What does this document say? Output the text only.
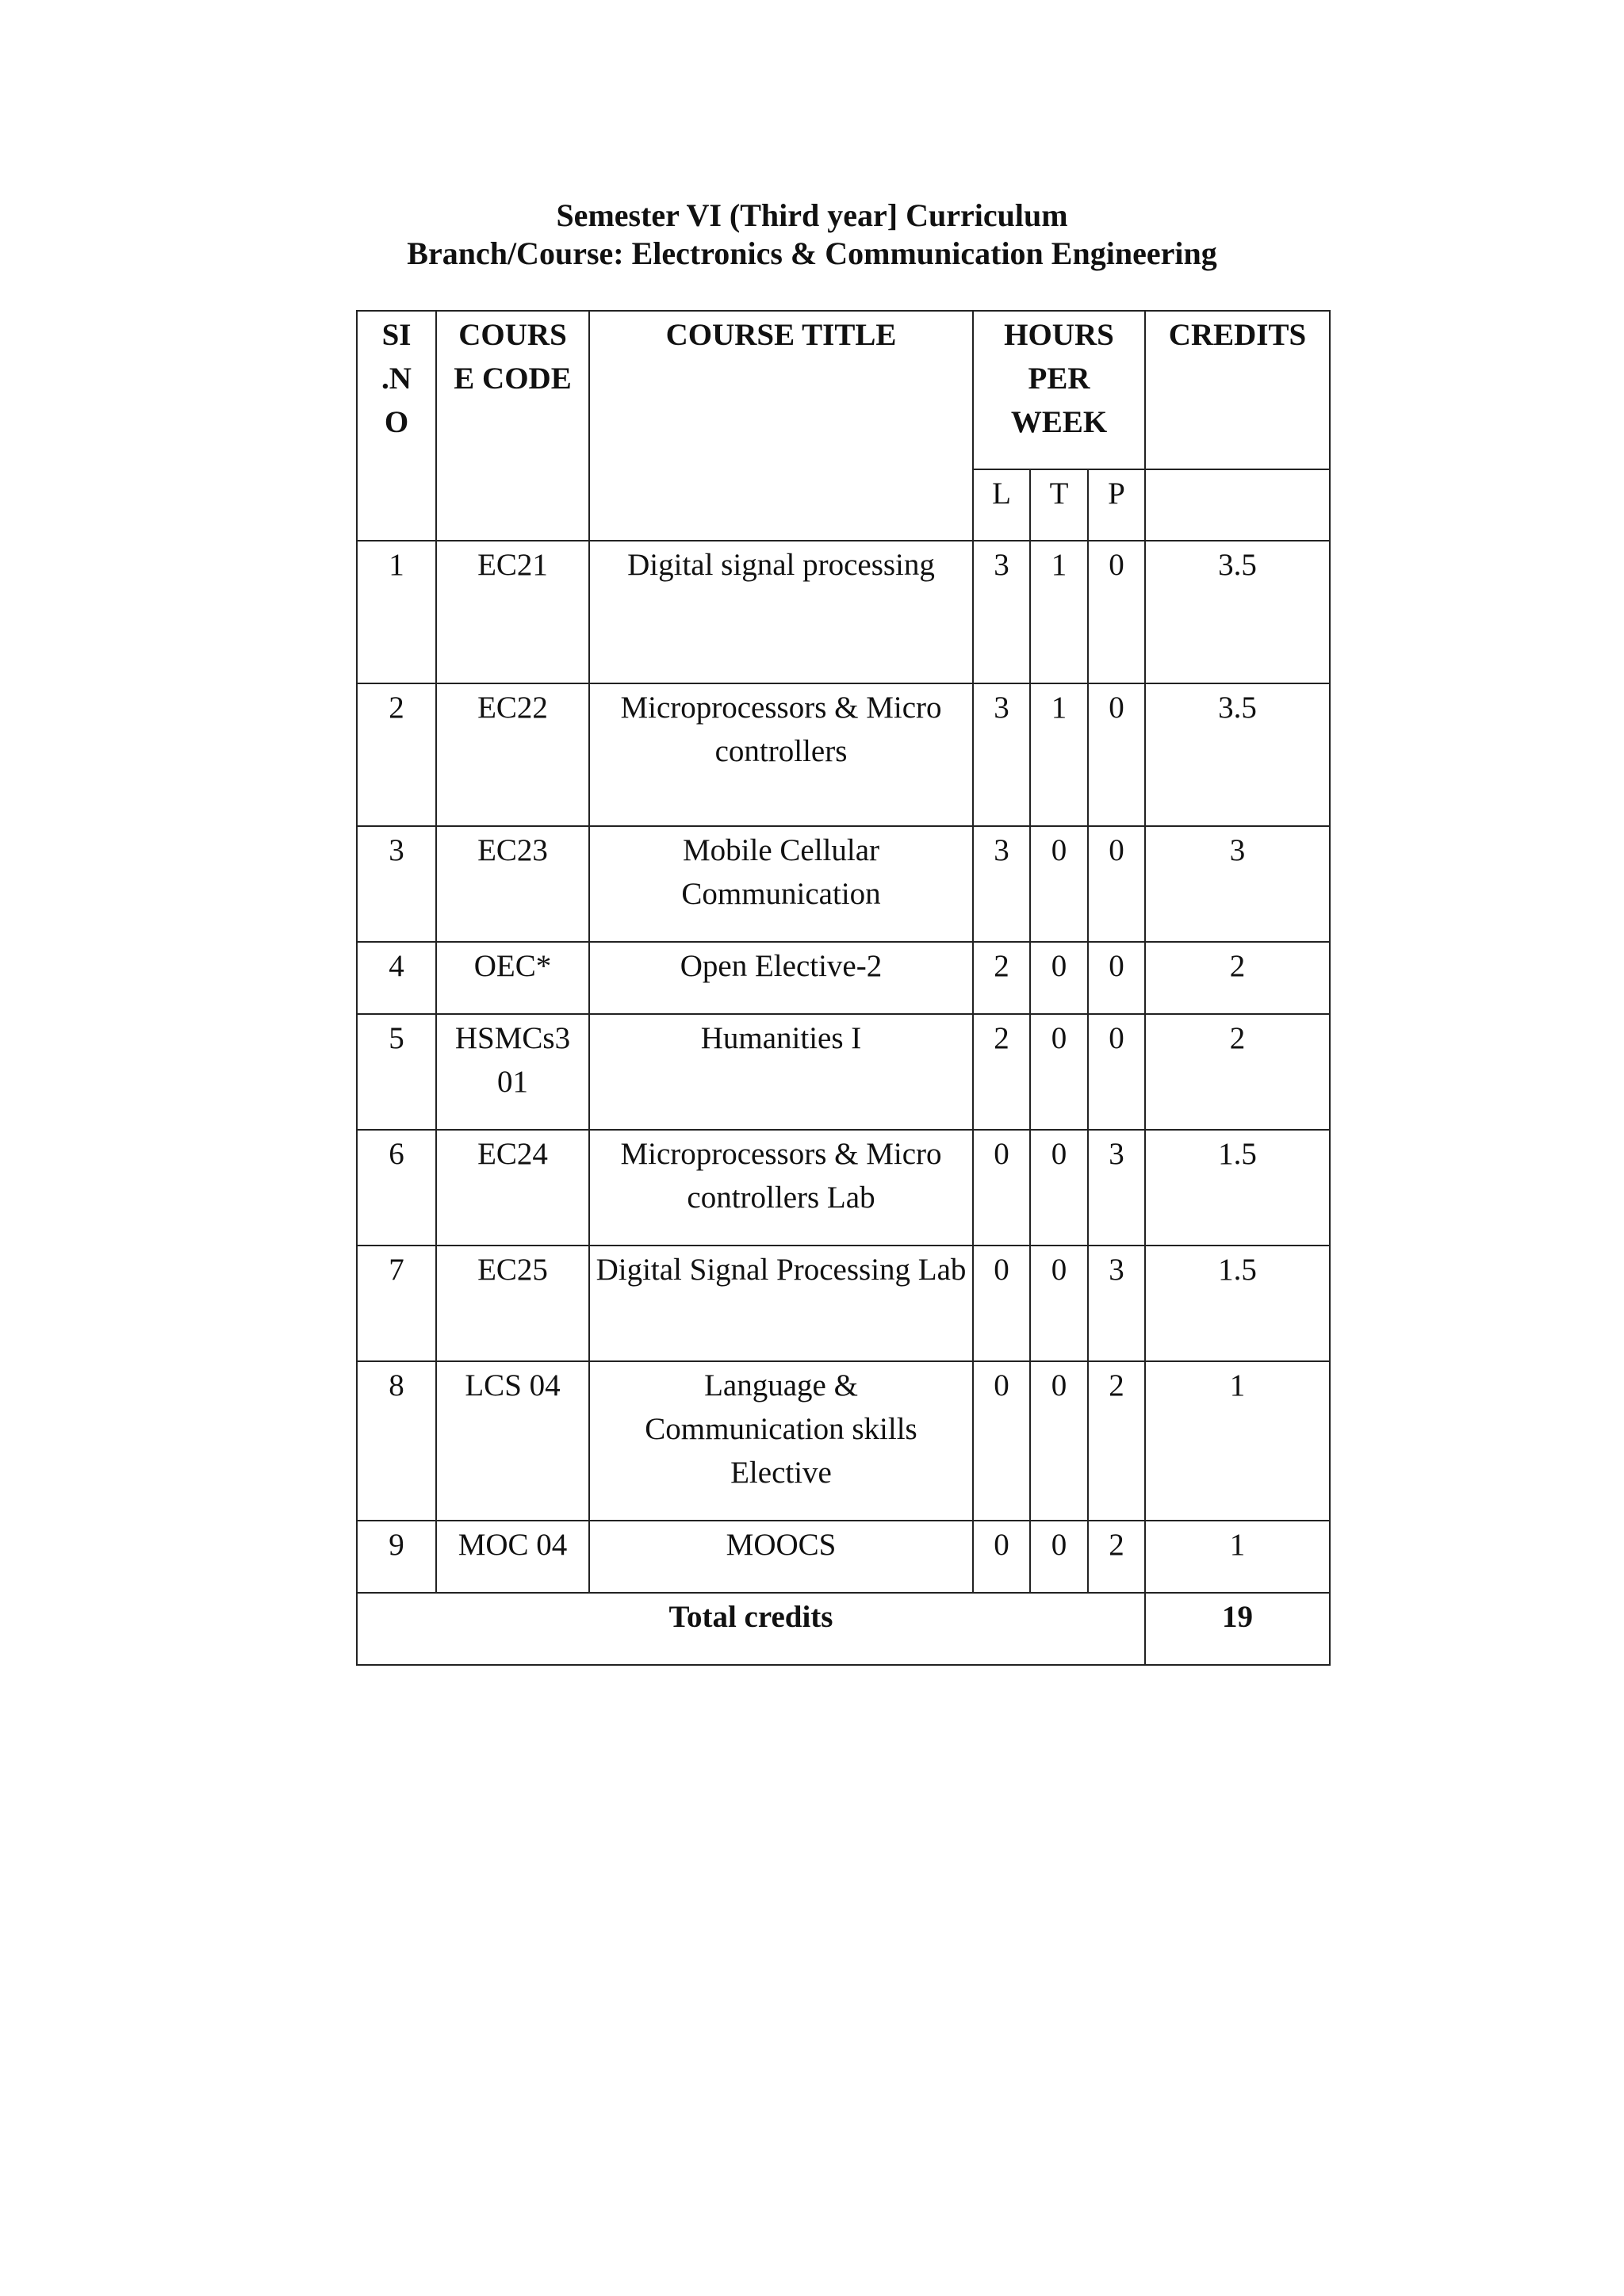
Semester VI (Third year] Curriculum
Branch/Course: Electronics & Communication Engineering
SI .N O	COURS E CODE	COURSE TITLE	HOURS PER WEEK			CREDITS
			L	T	P	
1	EC21	Digital signal processing	3	1	0	3.5
2	EC22	Microprocessors & Micro controllers	3	1	0	3.5
3	EC23	Mobile Cellular Communication	3	0	0	3
4	OEC*	Open Elective-2	2	0	0	2
5	HSMCs301	Humanities I	2	0	0	2
6	EC24	Microprocessors & Micro controllers Lab	0	0	3	1.5
7	EC25	Digital Signal Processing Lab	0	0	3	1.5
8	LCS 04	Language & Communication skills Elective	0	0	2	1
9	MOC 04	MOOCS	0	0	2	1
Total credits						19
